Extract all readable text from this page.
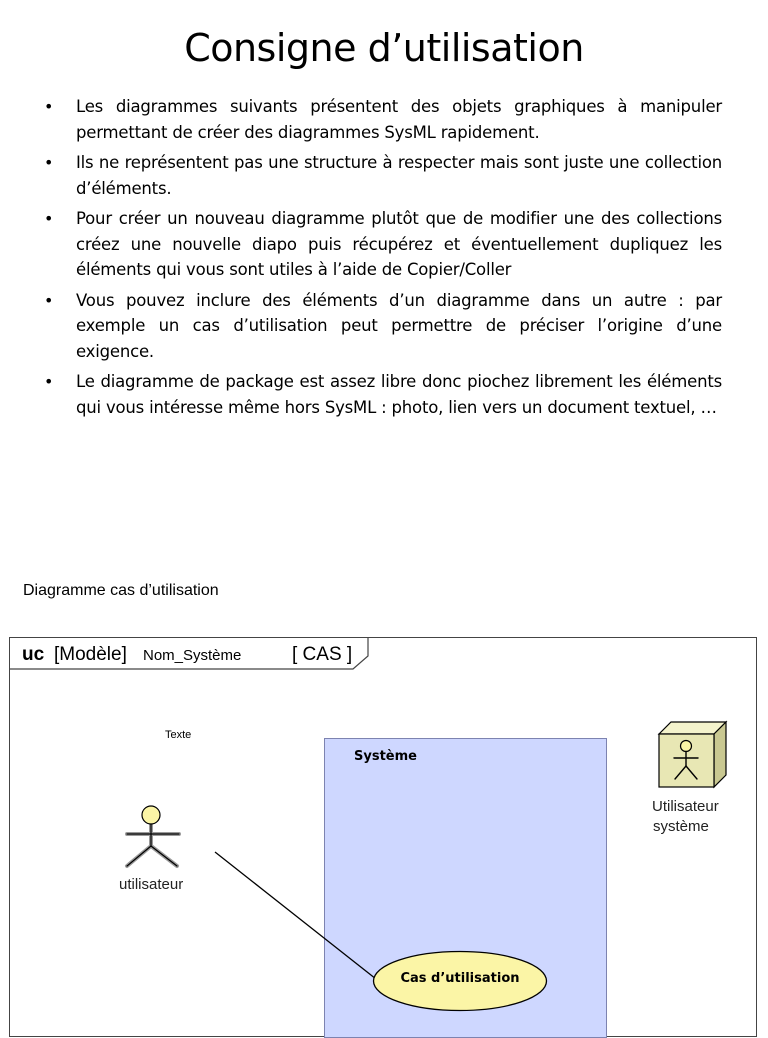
Consigne d’utilisation
• Les diagrammes suivants présentent des objets graphiques à manipuler permettant de créer des diagrammes SysML rapidement.
• Ils ne représentent pas une structure à respecter mais sont juste une collection d’éléments.
• Pour créer un nouveau diagramme plutôt que de modifier une des collections créez une nouvelle diapo puis récupérez et éventuellement dupliquez les éléments qui vous sont utiles à l’aide de Copier/Coller
• Vous pouvez inclure des éléments d’un diagramme dans un autre : par exemple un cas d’utilisation peut permettre de préciser l’origine d’une exigence.
• Le diagramme de package est assez libre donc piochez librement les éléments qui vous intéresse même hors SysML : photo, lien vers un document textuel, …
Diagramme cas d’utilisation
uc [Modèle] Nom_Système	[ CAS ]
Texte
Système
utilisateur
Utilisateur
système
Cas d’utilisation
